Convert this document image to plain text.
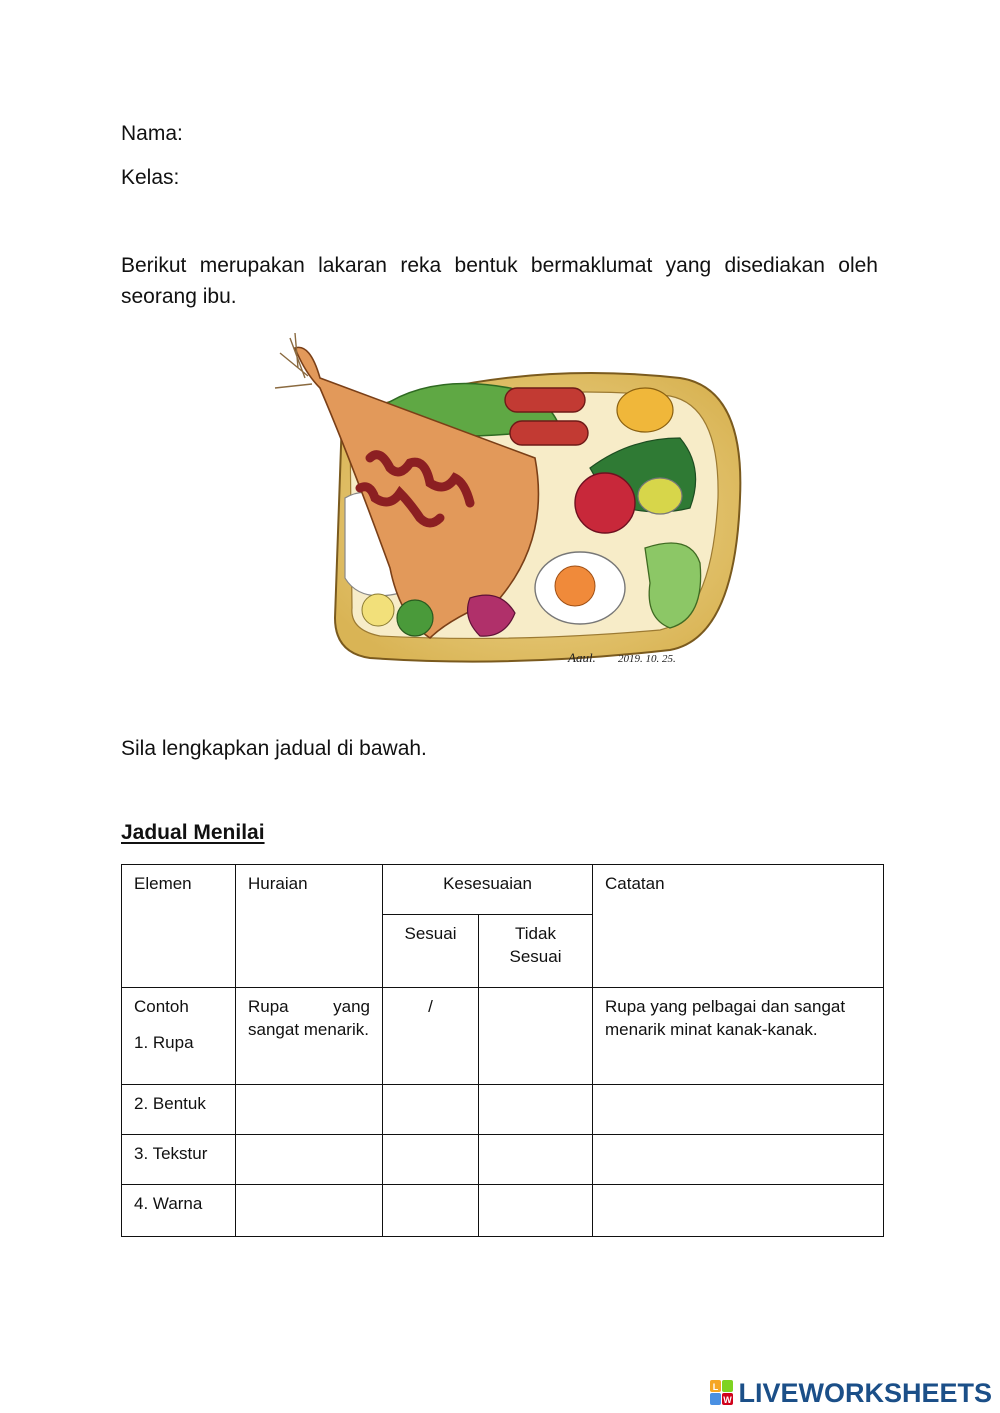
Nama:
Kelas:
Berikut merupakan lakaran reka bentuk bermaklumat yang disediakan oleh seorang ibu.
Aaul. 2019. 10. 25.
Sila lengkapkan jadual di bawah.
Jadual Menilai
Elemen	Huraian	Kesesuaian		Catatan
		Sesuai	Tidak Sesuai	

Contoh
1. Rupa	Rupa yang sangat menarik.	/		Rupa yang pelbagai dan sangat menarik minat kanak-kanak.
2. Bentuk				
3. Tekstur				
4. Warna				
L
W LIVEWORKSHEETS
